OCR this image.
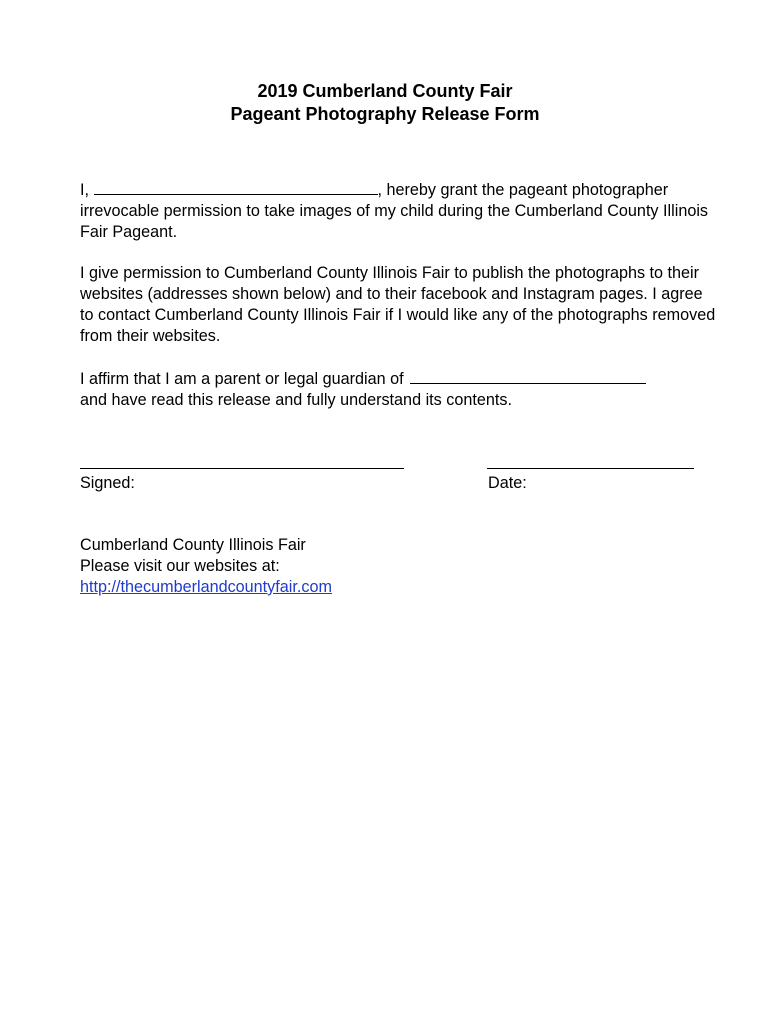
2019 Cumberland County Fair
Pageant Photography Release Form

I,	, hereby grant the pageant photographer irrevocable permission to take images of my child during the Cumberland County Illinois Fair Pageant.

I give permission to Cumberland County Illinois Fair to publish the photographs to their websites (addresses shown below) and to their facebook and Instagram pages. I agree to contact Cumberland County Illinois Fair if I would like any of the photographs removed from their websites.

I affirm that I am a parent or legal guardian of
and have read this release and fully understand its contents.

Signed:	Date:
Cumberland County Illinois Fair
Please visit our websites at:
http://thecumberlandcountyfair.com
